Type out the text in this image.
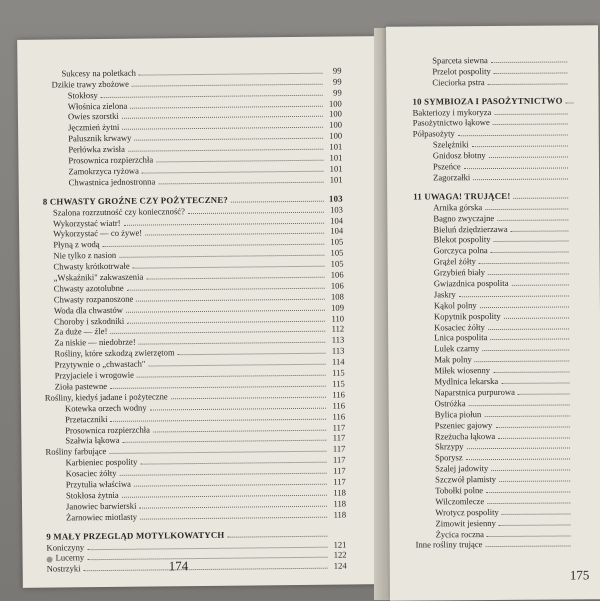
Sukcesy na poletkach	99
Dzikie trawy zbożowe	99
Stokłosy	99
Włośnica zielona	100
Owies szorstki	100
Jęczmień żytni	100
Palusznik krwawy	100
Perłówka zwisła	101
Prosownica rozpierzchła	101
Zamokrzyca ryżowa	101
Chwastnica jednostronna	101
8 CHWASTY GROŹNE CZY POŻYTECZNE?	103
Szalona rozrzutność czy konieczność?	103
Wykorzystać wiatr!	104
Wykorzystać — co żywe!	104
Płyną z wodą	105
Nie tylko z nasion	105
Chwasty krótkotrwałe	105
„Wskaźniki" zakwaszenia	106
Chwasty azotolubne	106
Chwasty rozpanoszone	108
Woda dla chwastów	109
Choroby i szkodniki	110
Za duże — źle!	112
Za niskie — niedobrze!	113
Rośliny, które szkodzą zwierzętom	113
Przytywnie o „chwastach"	114
Przyjaciele i wrogowie	115
Zioła pastewne	115
Rośliny, kiedyś jadane i pożyteczne	116
Kotewka orzech wodny	116
Przetaczniki	116
Prosownica rozpierzchła	117
Szałwia łąkowa	117
Rośliny farbujące	117
Karbieniec pospolity	117
Kosaciec żółty	117
Przytulia właściwa	117
Stokłosa żytnia	118
Janowiec barwierski	118
Żarnowiec miotlasty	118
9 MAŁY PRZEGLĄD MOTYLKOWATYCH
Koniczyny	121
Lucerny	122
Nostrzyki	124
174
Sparceta siewna
Przelot pospolity
Cieciorka pstra
10 SYMBIOZA I PASOŻYTNICTWO
Bakteriozy i mykoryza
Pasożytnictwo łąkowe
Półpasożyty
Szelężniki
Gnidosz błotny
Pszeńce
Zagorzałki
11 UWAGA! TRUJĄCE!
Arnika górska
Bagno zwyczajne
Bieluń dziędzierzawa
Blekot pospolity
Gorczyca polna
Grążel żółty
Grzybień biały
Gwiazdnica pospolita
Jaskry
Kąkol polny
Kopytnik pospolity
Kosaciec żółty
Lnica pospolita
Lulek czarny
Mak polny
Miłek wiosenny
Mydlnica lekarska
Naparstnica purpurowa
Ostróżka
Bylica piołun
Pszeniec gajowy
Rzeżucha łąkowa
Skrzypy
Sporysz
Szalej jadowity
Szczwół plamisty
Tobołki polne
Wilczomlecze
Wrotycz pospolity
Zimowit jesienny
Życica roczna
Inne rośliny trujące
175
